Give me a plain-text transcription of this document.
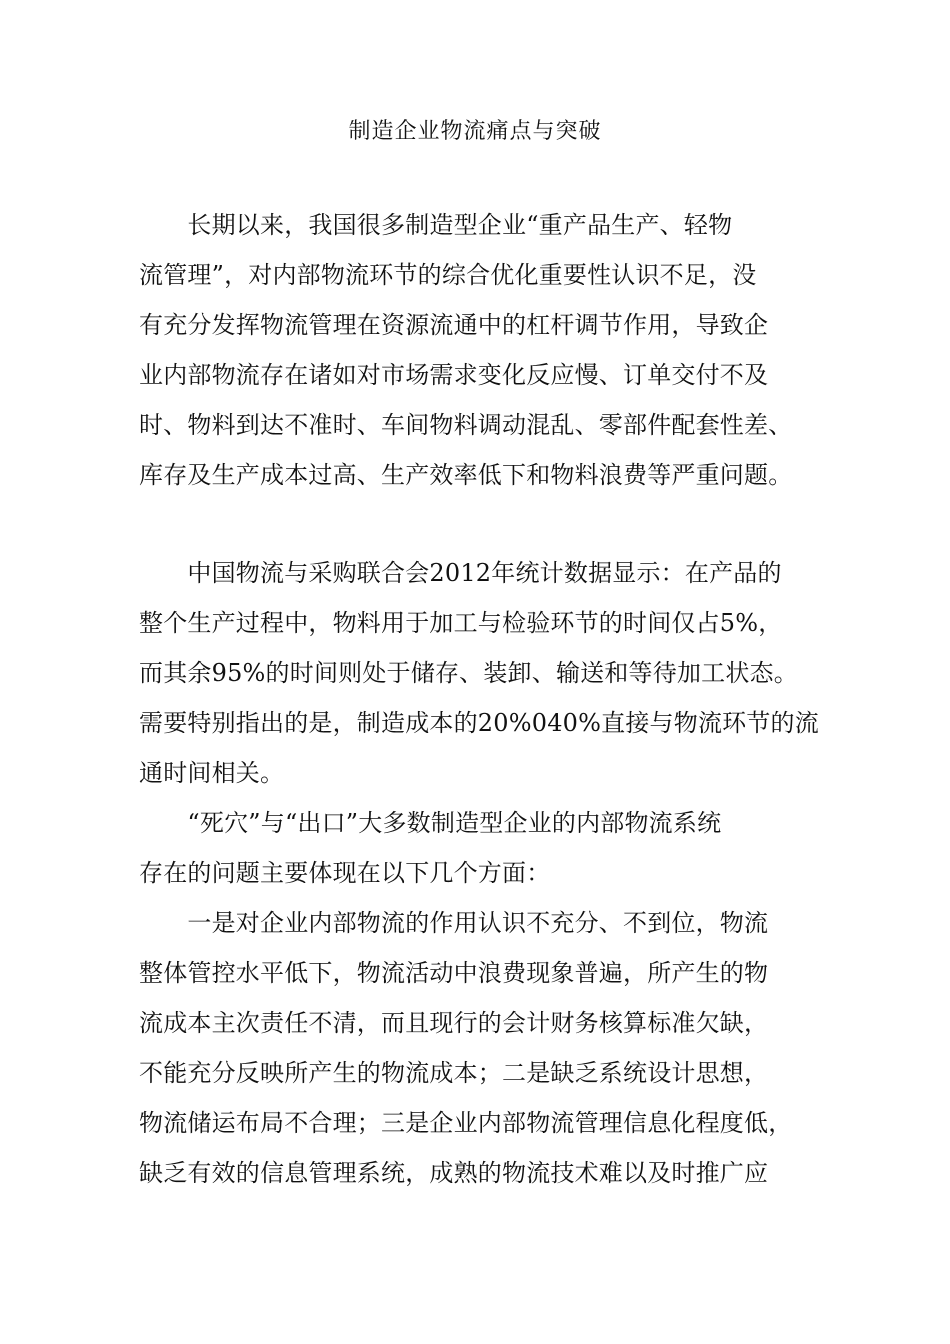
制造企业物流痛点与突破
　　长期以来，我国很多制造型企业“重产品生产、轻物
流管理”，对内部物流环节的综合优化重要性认识不足，没
有充分发挥物流管理在资源流通中的杠杆调节作用，导致企
业内部物流存在诸如对市场需求变化反应慢、订单交付不及
时、物料到达不准时、车间物料调动混乱、零部件配套性差、
库存及生产成本过高、生产效率低下和物料浪费等严重问题。
　　中国物流与采购联合会2012年统计数据显示：在产品的
整个生产过程中，物料用于加工与检验环节的时间仅占5%，
而其余95%的时间则处于储存、装卸、输送和等待加工状态。
需要特别指出的是，制造成本的20%040%直接与物流环节的流
通时间相关。
　　“死穴”与“出口”大多数制造型企业的内部物流系统
存在的问题主要体现在以下几个方面：
　　一是对企业内部物流的作用认识不充分、不到位，物流
整体管控水平低下，物流活动中浪费现象普遍，所产生的物
流成本主次责任不清，而且现行的会计财务核算标准欠缺，
不能充分反映所产生的物流成本；二是缺乏系统设计思想，
物流储运布局不合理；三是企业内部物流管理信息化程度低，
缺乏有效的信息管理系统，成熟的物流技术难以及时推广应
